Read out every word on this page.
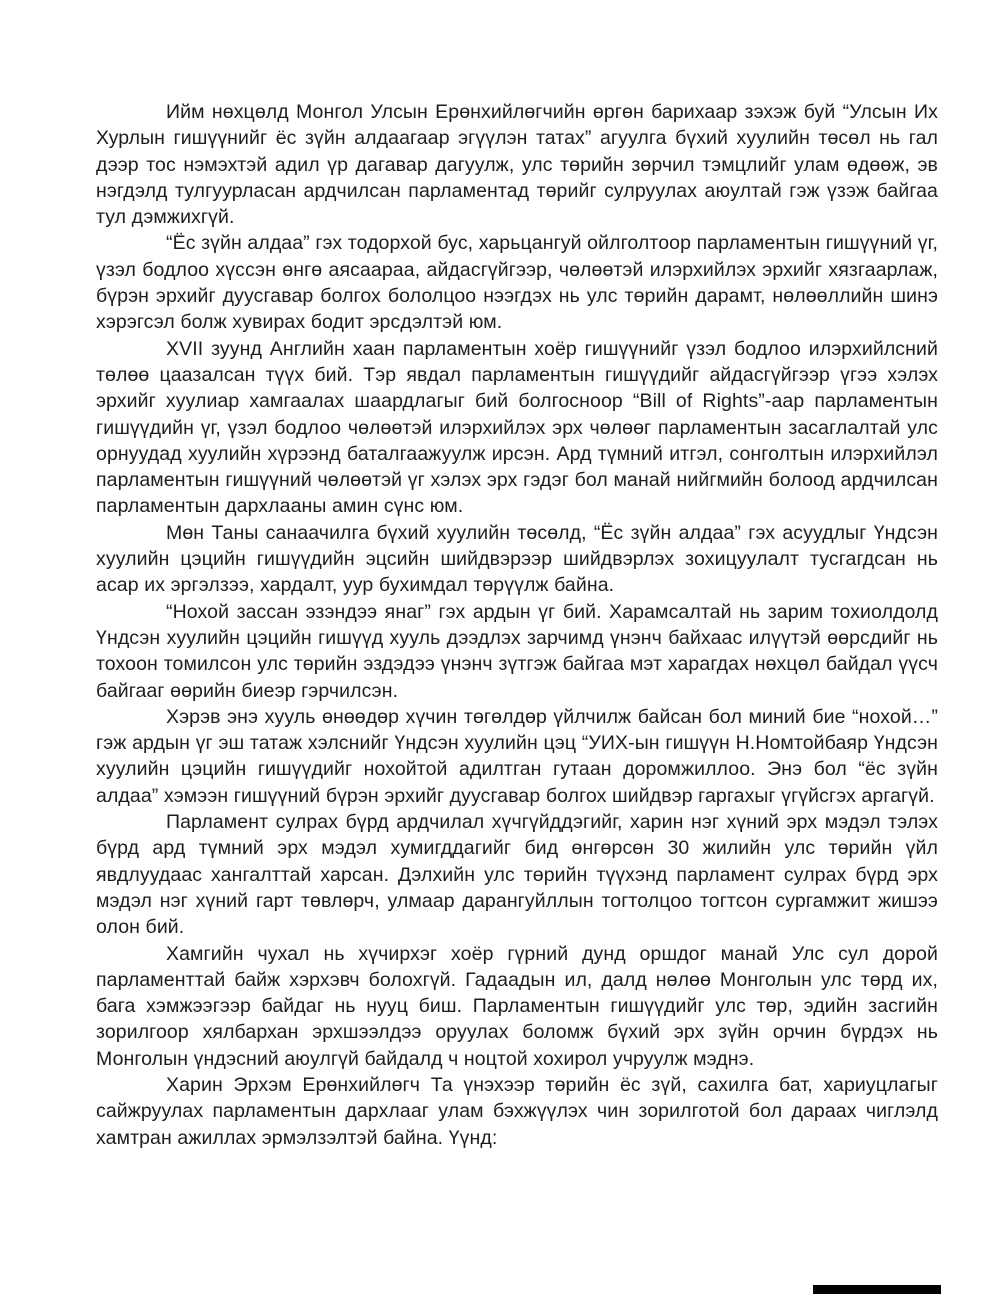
Ийм нөхцөлд Монгол Улсын Ерөнхийлөгчийн өргөн барихаар зэхэж буй “Улсын Их Хурлын гишүүнийг ёс зүйн алдаагаар эгүүлэн татах” агуулга бүхий хуулийн төсөл нь гал дээр тос нэмэхтэй адил үр дагавар дагуулж, улс төрийн зөрчил тэмцлийг улам өдөөж, эв нэгдэлд тулгуурласан ардчилсан парламентад төрийг сулруулах аюултай гэж үзэж байгаа тул дэмжихгүй.

“Ёс зүйн алдаа” гэх тодорхой бус, харьцангуй ойлголтоор парламентын гишүүний үг, үзэл бодлоо хүссэн өнгө аясаараа, айдасгүйгээр, чөлөөтэй илэрхийлэх эрхийг хязгаарлаж, бүрэн эрхийг дуусгавар болгох бололцоо нээгдэх нь улс төрийн дарамт, нөлөөллийн шинэ хэрэгсэл болж хувирах бодит эрсдэлтэй юм.

XVII зуунд Английн хаан парламентын хоёр гишүүнийг үзэл бодлоо илэрхийлсний төлөө цаазалсан түүх бий. Тэр явдал парламентын гишүүдийг айдасгүйгээр үгээ хэлэх эрхийг хуулиар хамгаалах шаардлагыг бий болгосноор “Bill of Rights”-аар парламентын гишүүдийн үг, үзэл бодлоо чөлөөтэй илэрхийлэх эрх чөлөөг парламентын засаглалтай улс орнуудад хуулийн хүрээнд баталгаажуулж ирсэн. Ард түмний итгэл, сонголтын илэрхийлэл парламентын гишүүний чөлөөтэй үг хэлэх эрх гэдэг бол манай нийгмийн болоод ардчилсан парламентын дархлааны амин сүнс юм.

Мөн Таны санаачилга бүхий хуулийн төсөлд, “Ёс зүйн алдаа” гэх асуудлыг Үндсэн хуулийн цэцийн гишүүдийн эцсийн шийдвэрээр шийдвэрлэх зохицуулалт тусгагдсан нь асар их эргэлзээ, хардалт, уур бухимдал төрүүлж байна.

“Нохой зассан эзэндээ янаг” гэх ардын үг бий. Харамсалтай нь зарим тохиолдолд Үндсэн хуулийн цэцийн гишүүд хууль дээдлэх зарчимд үнэнч байхаас илүүтэй өөрсдийг нь тохоон томилсон улс төрийн эздэдээ үнэнч зүтгэж байгаа мэт харагдах нөхцөл байдал үүсч байгааг өөрийн биеэр гэрчилсэн.

Хэрэв энэ хууль өнөөдөр хүчин төгөлдөр үйлчилж байсан бол миний бие “нохой…” гэж ардын үг эш татаж хэлснийг Үндсэн хуулийн цэц “УИХ-ын гишүүн Н.Номтойбаяр Үндсэн хуулийн цэцийн гишүүдийг нохойтой адилтган гутаан доромжиллоо. Энэ бол “ёс зүйн алдаа” хэмээн гишүүний бүрэн эрхийг дуусгавар болгох шийдвэр гаргахыг үгүйсгэх аргагүй.

Парламент сулрах бүрд ардчилал хүчгүйддэгийг, харин нэг хүний эрх мэдэл тэлэх бүрд ард түмний эрх мэдэл хумигддагийг бид өнгөрсөн 30 жилийн улс төрийн үйл явдлуудаас хангалттай харсан. Дэлхийн улс төрийн түүхэнд парламент сулрах бүрд эрх мэдэл нэг хүний гарт төвлөрч, улмаар дарангуйллын тогтолцоо тогтсон сургамжит жишээ олон бий.

Хамгийн чухал нь хүчирхэг хоёр гүрний дунд оршдог манай Улс сул дорой парламенттай байж хэрхэвч болохгүй. Гадаадын ил, далд нөлөө Монголын улс төрд их, бага хэмжээгээр байдаг нь нууц биш. Парламентын гишүүдийг улс төр, эдийн засгийн зорилгоор хялбархан эрхшээлдээ оруулах боломж бүхий эрх зүйн орчин бүрдэх нь Монголын үндэсний аюулгүй байдалд ч ноцтой хохирол учруулж мэднэ.

Харин Эрхэм Ерөнхийлөгч Та үнэхээр төрийн ёс зүй, сахилга бат, хариуцлагыг сайжруулах парламентын дархлааг улам бэхжүүлэх чин зорилготой бол дараах чиглэлд хамтран ажиллах эрмэлзэлтэй байна. Үүнд:
